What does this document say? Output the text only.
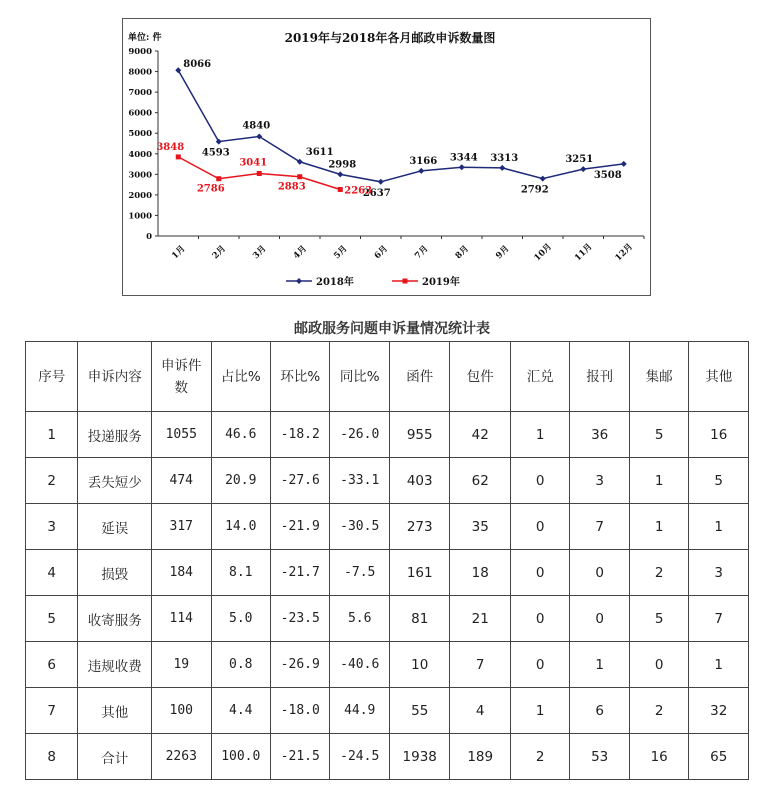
2019年与2018年各月邮政申诉数量图
单位: 件
0
1000
2000
3000
4000
5000
6000
7000
8000
9000
1月	2月	3月	4月	5月	6月	7月	8月	9月 10月 11月 12月
8066
4593
4840
3611
2998
2637
3166 3344 3313
2792
3251
3508
3848
2786
3041
2883	2263
2018年	2019年
邮政服务问题申诉量情况统计表
序号	申诉内容	申诉件数	占比%	环比%	同比%	函件	包件	汇兑	报刊	集邮	其他
1	投递服务	1055	46.6	-18.2	-26.0	955	42	1	36	5	16
2	丢失短少	474	20.9	-27.6	-33.1	403	62	0	3	1	5
3	延误	317	14.0	-21.9	-30.5	273	35	0	7	1	1
4	损毁	184	8.1	-21.7	-7.5	161	18	0	0	2	3
5	收寄服务	114	5.0	-23.5	5.6	81	21	0	0	5	7
6	违规收费	19	0.8	-26.9	-40.6	10	7	0	1	0	1
7	其他	100	4.4	-18.0	44.9	55	4	1	6	2	32
8	合计	2263	100.0	-21.5	-24.5	1938	189	2	53	16	65
